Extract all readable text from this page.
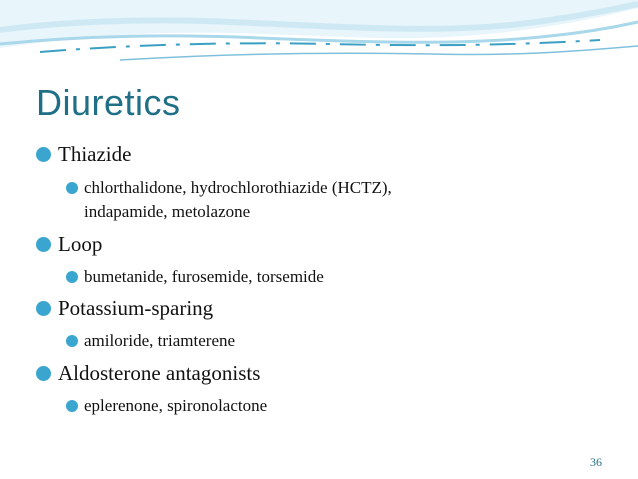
Diuretics
Thiazide
chlorthalidone, hydrochlorothiazide (HCTZ),
indapamide, metolazone
Loop
bumetanide, furosemide, torsemide
Potassium-sparing
amiloride, triamterene
Aldosterone antagonists
eplerenone, spironolactone
36
